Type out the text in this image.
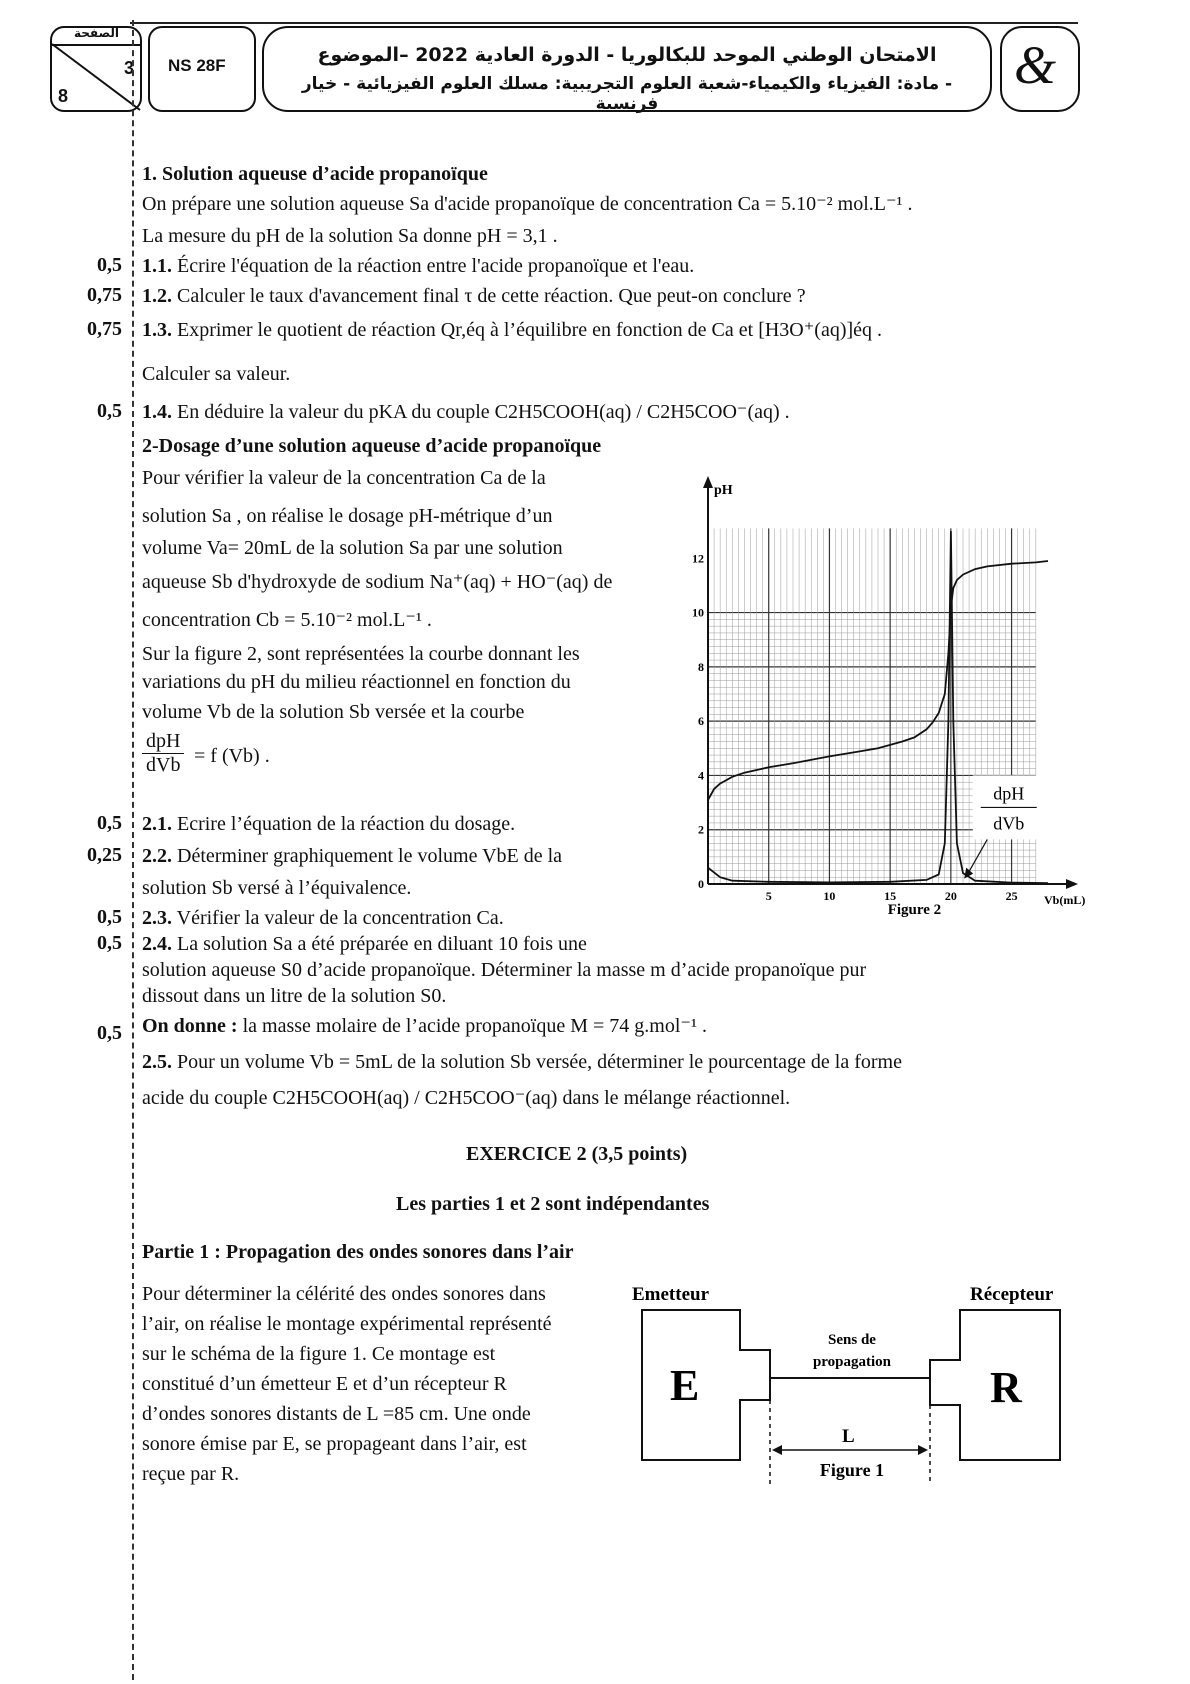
الصفحة
3
8
NS 28F	الامتحان الوطني الموحد للبكالوريا - الدورة العادية 2022 –الموضوع
- مادة: الفيزياء والكيمياء-شعبة العلوم التجريبية: مسلك العلوم الفيزيائية - خيار فرنسية
&
0,5
0,75
0,75
0,5
0,5
0,25
0,5
0,5
0,5
1. Solution aqueuse d’acide propanoïque
On prépare une solution aqueuse Sa d'acide propanoïque de concentration Ca = 5.10⁻² mol.L⁻¹ .
La mesure du pH de la solution Sa donne pH = 3,1 .
1.1. Écrire l'équation de la réaction entre l'acide propanoïque et l'eau.
1.2. Calculer le taux d'avancement final τ de cette réaction. Que peut-on conclure ?
1.3. Exprimer le quotient de réaction Qr,éq à l’équilibre en fonction de Ca et [H3O⁺(aq)]éq .
Calculer sa valeur.
1.4. En déduire la valeur du pKA du couple C2H5COOH(aq) / C2H5COO⁻(aq) .
2-Dosage d’une solution aqueuse d’acide propanoïque
Pour vérifier la valeur de la concentration Ca de la
solution Sa , on réalise le dosage pH-métrique d’un
volume Va= 20mL de la solution Sa par une solution
aqueuse Sb d'hydroxyde de sodium Na⁺(aq) + HO⁻(aq) de
concentration Cb = 5.10⁻² mol.L⁻¹ .
Sur la figure 2, sont représentées la courbe donnant les
variations du pH du milieu réactionnel en fonction du
volume Vb de la solution Sb versée et la courbe
dpH
dVb = f (Vb) .
2.1. Ecrire l’équation de la réaction du dosage.
2.2. Déterminer graphiquement le volume VbE de la
solution Sb versé à l’équivalence.
2.3. Vérifier la valeur de la concentration Ca.
2.4. La solution Sa a été préparée en diluant 10 fois une
solution aqueuse S0 d’acide propanoïque. Déterminer la masse m d’acide propanoïque pur
dissout dans un litre de la solution S0.
On donne : la masse molaire de l’acide propanoïque M = 74 g.mol⁻¹ .
2.5. Pour un volume Vb = 5mL de la solution Sb versée, déterminer le pourcentage de la forme
acide du couple C2H5COOH(aq) / C2H5COO⁻(aq) dans le mélange réactionnel.
5	10	15	20	25
0
2
4
6
8
10
12
pH
Vb(mL)
Figure 2
dpH
dVb
EXERCICE 2 (3,5 points)
Les parties 1 et 2 sont indépendantes
Partie 1 : Propagation des ondes sonores dans l’air
Pour déterminer la célérité des ondes sonores dans
l’air, on réalise le montage expérimental représenté
sur le schéma de la figure 1. Ce montage est
constitué d’un émetteur E et d’un récepteur R
d’ondes sonores distants de L =85 cm. Une onde
sonore émise par E, se propageant dans l’air, est
reçue par R.
Emetteur	Récepteur
E	R
Sens de
propagation
L
Figure 1
